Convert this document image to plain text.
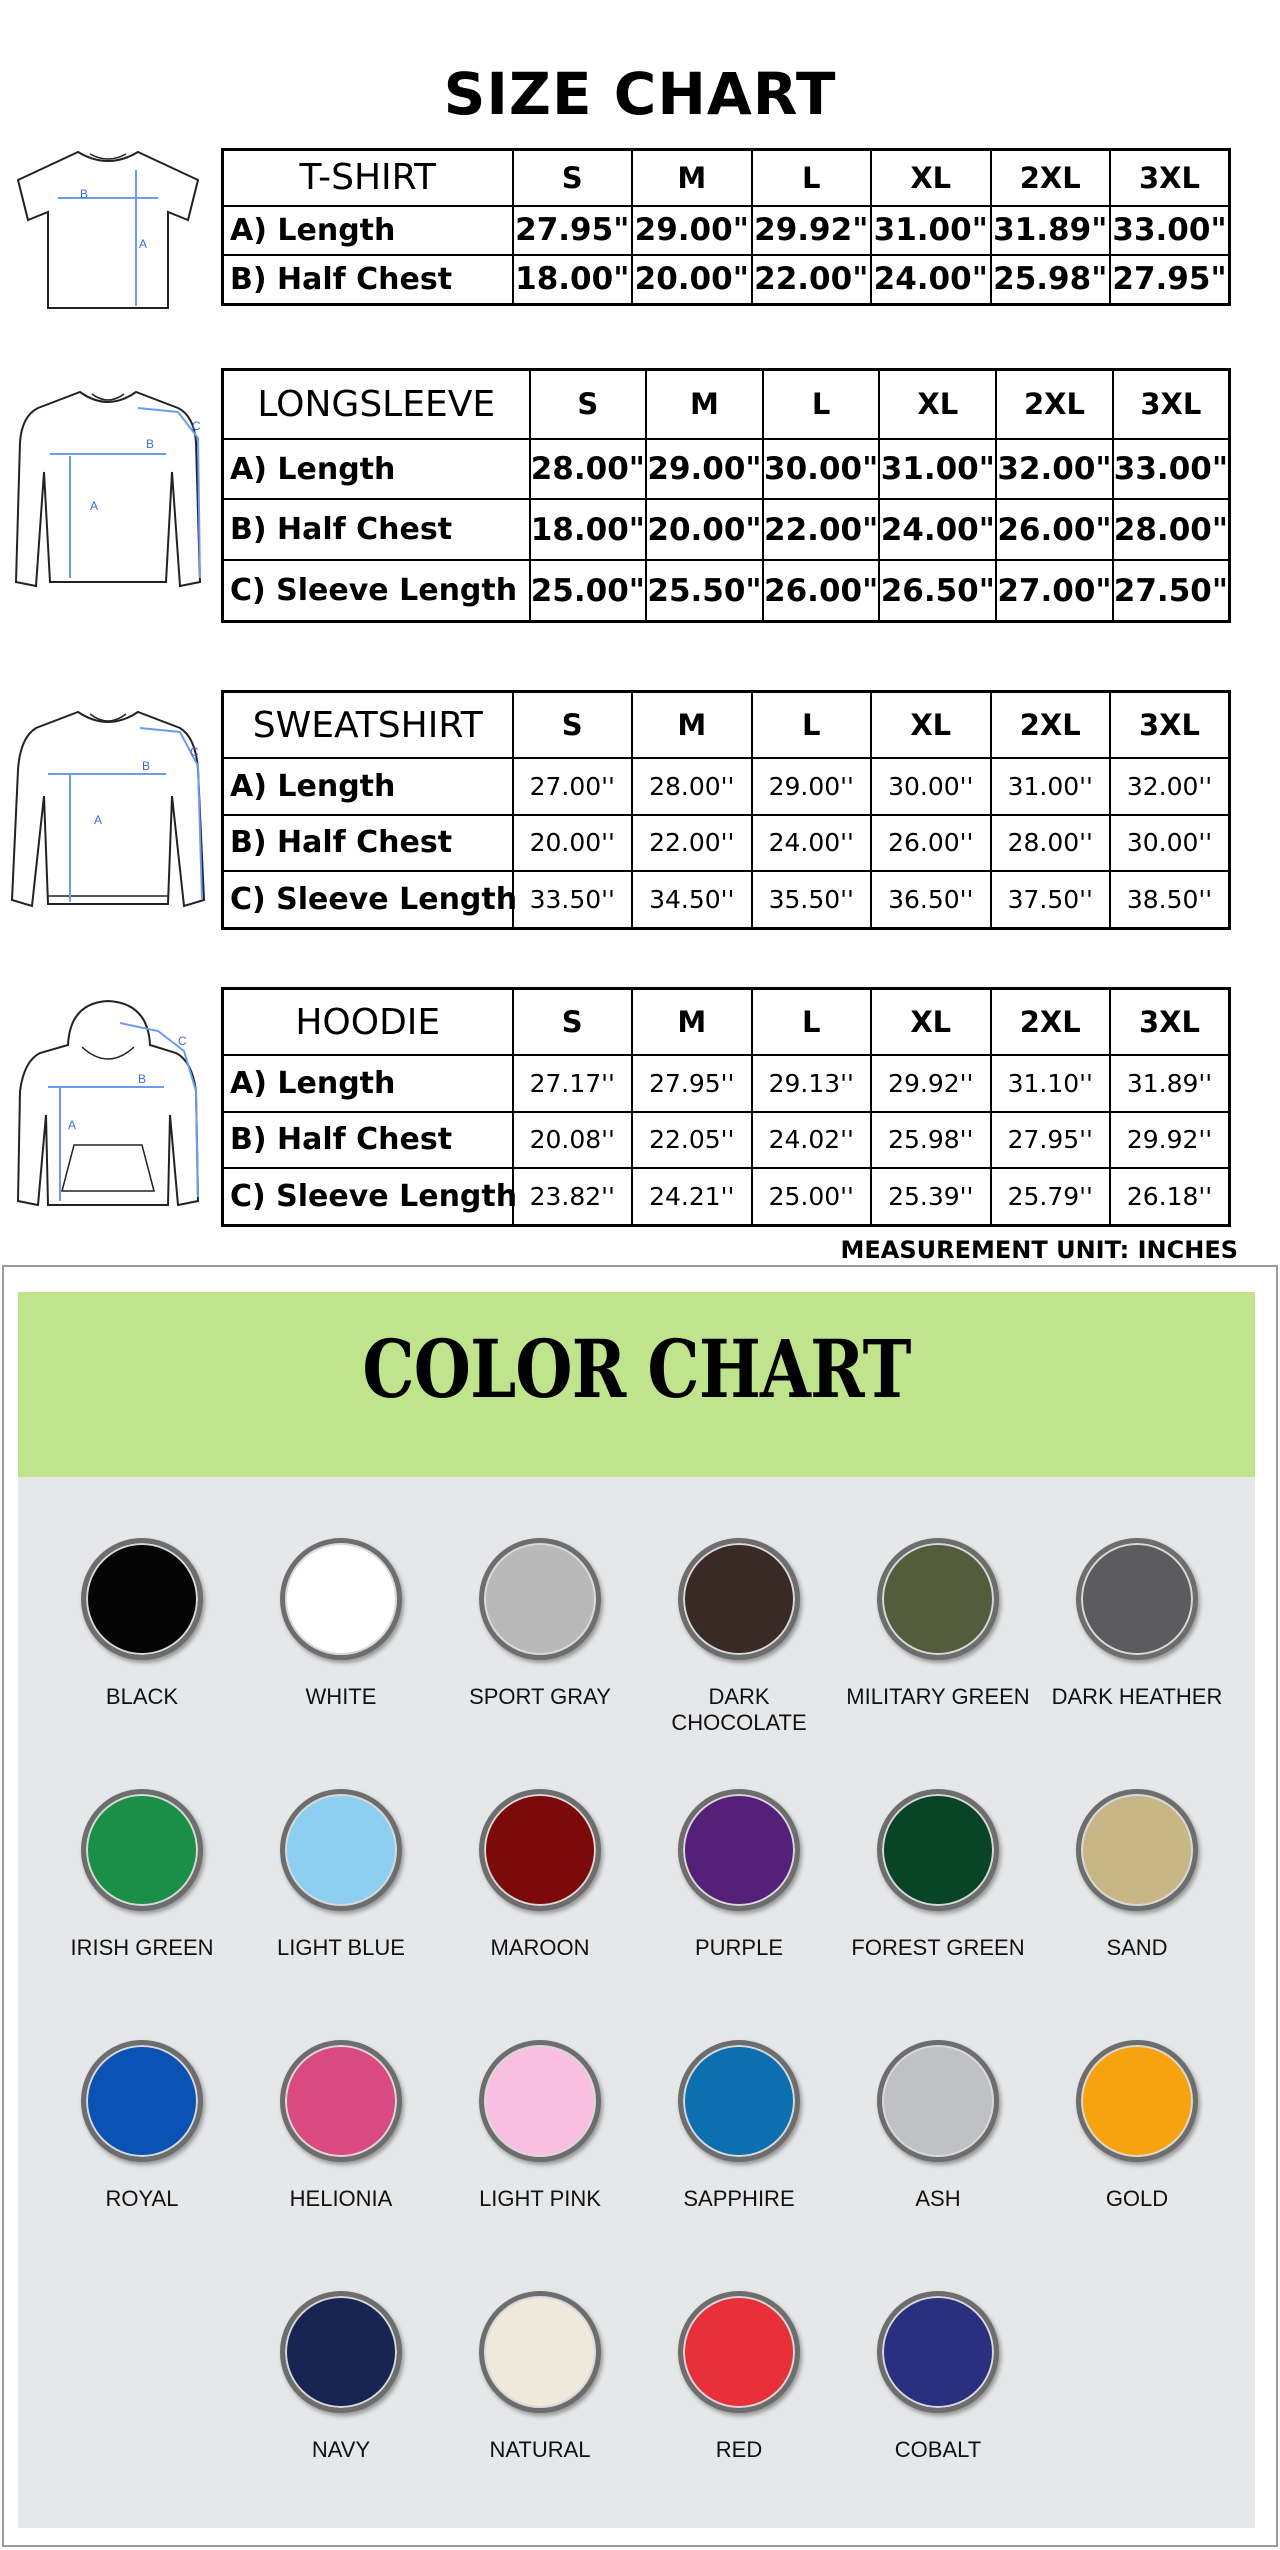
SIZE CHART
B
A
T-SHIRT	S	M	L	XL	2XL	3XL
A) Length	27.95"	29.00"	29.92"	31.00"	31.89"	33.00"
B) Half Chest	18.00"	20.00"	22.00"	24.00"	25.98"	27.95"
B
A
C
LONGSLEEVE	S	M	L	XL	2XL	3XL
A) Length	28.00"	29.00"	30.00"	31.00"	32.00"	33.00"
B) Half Chest	18.00"	20.00"	22.00"	24.00"	26.00"	28.00"
C) Sleeve Length	25.00"	25.50"	26.00"	26.50"	27.00"	27.50"
B
A
C
SWEATSHIRT	S	M	L	XL	2XL	3XL
A) Length	27.00''	28.00''	29.00''	30.00''	31.00''	32.00''
B) Half Chest	20.00''	22.00''	24.00''	26.00''	28.00''	30.00''
C) Sleeve Length	33.50''	34.50''	35.50''	36.50''	37.50''	38.50''
B
A
C	HOODIE	S	M	L	XL	2XL	3XL
A) Length	27.17''	27.95''	29.13''	29.92''	31.10''	31.89''
B) Half Chest	20.08''	22.05''	24.02''	25.98''	27.95''	29.92''
C) Sleeve Length	23.82''	24.21''	25.00''	25.39''	25.79''	26.18''
MEASUREMENT UNIT: INCHES
COLOR CHART
BLACK	WHITE	SPORT GRAY	DARK CHOCOLATE
MILITARY GREEN DARK HEATHER
IRISH GREEN	LIGHT BLUE	MAROON	PURPLE	FOREST GREEN	SAND
ROYAL	HELIONIA	LIGHT PINK	SAPPHIRE	ASH	GOLD
NAVY	NATURAL	RED	COBALT
